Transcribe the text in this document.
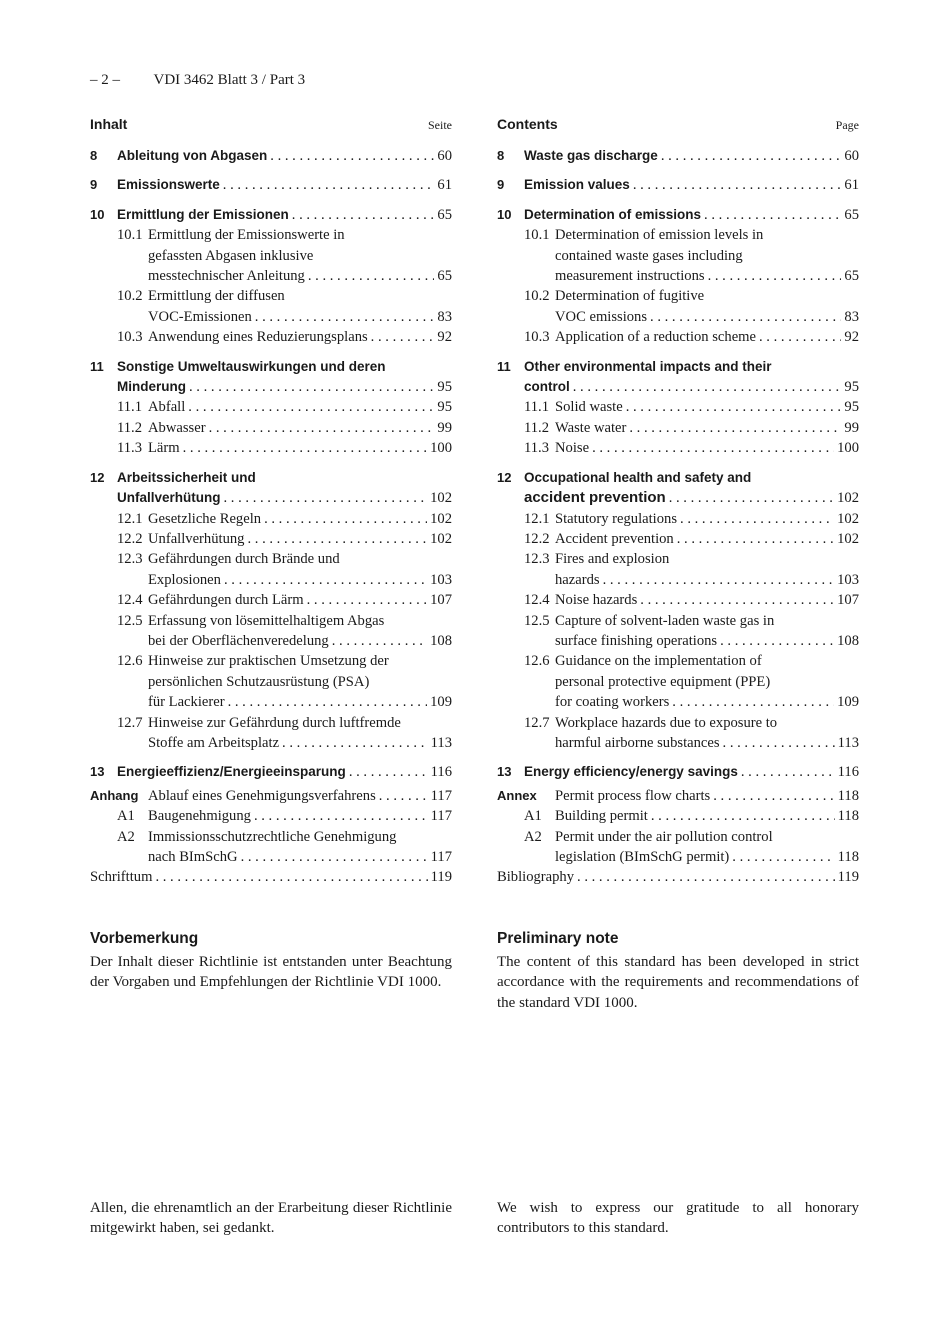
– 2 – VDI 3462 Blatt 3 / Part 3
Inhalt	Seite
8	Ableitung von Abgasen . . .	60
9	Emissionswerte . . .	61
10 Ermittlung der Emissionen . . .	65
10.1 Ermittlung der Emissionswerte in
gefassten Abgasen inklusive
messtechnischer Anleitung . . .	65
10.2 Ermittlung der diffusen
VOC-Emissionen . . .	83
10.3 Anwendung eines Reduzierungsplans . . .	92
11 Sonstige Umweltauswirkungen und deren
Minderung . . .	95
11.1 Abfall . . .	95
11.2 Abwasser . . .	99
11.3 Lärm . . .	100
12 Arbeitssicherheit und
Unfallverhütung . . .	102
12.1 Gesetzliche Regeln . . .	102
12.2 Unfallverhütung . . .	102
12.3 Gefährdungen durch Brände und
Explosionen . . .	103
12.4 Gefährdungen durch Lärm . . .	107
12.5 Erfassung von lösemittelhaltigem Abgas
bei der Oberflächenveredelung . . .	108
12.6 Hinweise zur praktischen Umsetzung der
persönlichen Schutzausrüstung (PSA)
für Lackierer . . .	109
12.7 Hinweise zur Gefährdung durch luftfremde
Stoffe am Arbeitsplatz . . .	113
13 Energieeffizienz/Energieeinsparung . . .	116
Anhang Ablauf eines Genehmigungsverfahrens . . .	117
A1 Baugenehmigung . . .	117
A2 Immissionsschutzrechtliche Genehmigung
nach BImSchG . . .	117
Schrifttum . . .	119
Contents	Page
8	Waste gas discharge . . .	60
9	Emission values . . .	61
10 Determination of emissions . . .	65
10.1 Determination of emission levels in
contained waste gases including
measurement instructions . . .	65
10.2 Determination of fugitive
VOC emissions . . .	83
10.3 Application of a reduction scheme . . .	92
11 Other environmental impacts and their
control . . .	95
11.1 Solid waste . . .	95
11.2 Waste water . . .	99
11.3 Noise . . .	100
12 Occupational health and safety and
accident prevention . . .	102
12.1 Statutory regulations . . .	102
12.2 Accident prevention . . .	102
12.3 Fires and explosion
hazards . . .	103
12.4 Noise hazards . . .	107
12.5 Capture of solvent-laden waste gas in
surface finishing operations . . .	108
12.6 Guidance on the implementation of
personal protective equipment (PPE)
for coating workers . . .	109
12.7 Workplace hazards due to exposure to
harmful airborne substances . . .	113
13 Energy efficiency/energy savings . . .	116
Annex	Permit process flow charts . . .	118
A1 Building permit . . .	118
A2 Permit under the air pollution control
legislation (BImSchG permit) . . .	118
Bibliography . . .	119
Vorbemerkung

Der Inhalt dieser Richtlinie ist entstanden unter Beachtung der Vorgaben und Empfehlungen der Richtlinie VDI 1000.

Preliminary note

The content of this standard has been developed in strict accordance with the requirements and recommendations of the standard VDI 1000.

Allen, die ehrenamtlich an der Erarbeitung dieser Richtlinie mitgewirkt haben, sei gedankt.

We wish to express our gratitude to all honorary contributors to this standard.
